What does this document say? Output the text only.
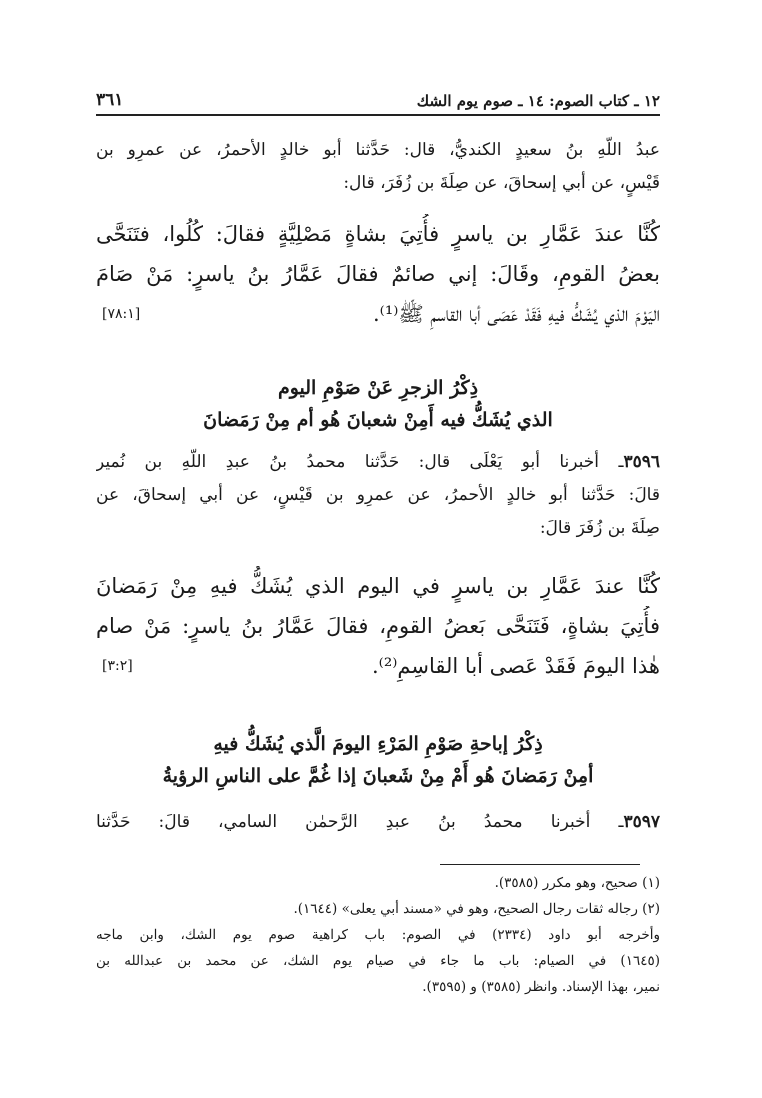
١٢ ـ كتاب الصوم: ١٤ ـ صوم يوم الشك
٣٦١
عبدُ اللّهِ بنُ سعيدٍ الكنديُّ، قال: حَدَّثنا أبو خالدٍ الأحمرُ، عن عمرِو بن
قَيْسٍ، عن أبي إسحاقَ، عن صِلَةَ بن زُفَرَ، قال:
كُنَّا عندَ عَمَّارِ بن ياسرٍ فأُتِيَ بشاةٍ مَصْلِيَّةٍ فقالَ: كُلُوا، فتَنَحَّى
بعضُ القومِ، وقَالَ: إني صائمٌ فقالَ عَمَّارُ بنُ ياسرٍ: مَنْ صَامَ
[٧٨:١]	اليَوْمَ الذي يُشَكُّ فيهِ فَقَدْ عَصَى أبا القاسمِ ﷺ⁽¹⁾.
ذِكْرُ الزجرِ عَنْ صَوْمِ اليوم
الذي يُشَكُّ فيه أَمِنْ شعبانَ هُو أم مِنْ رَمَضانَ
٣٥٩٦ـ أخبرنا أبو يَعْلَى قال: حَدَّثنا محمدُ بنُ عبدِ اللّهِ بن نُمير
قالَ: حَدَّثنا أبو خالدٍ الأحمرُ، عن عمرِو بن قَيْسٍ، عن أبي إسحاقَ، عن
صِلَةَ بن زُفَرَ قالَ:
كُنَّا عندَ عَمَّارِ بن ياسرٍ في اليوم الذي يُشَكُّ فيهِ مِنْ رَمَضانَ
فأُتِيَ بشاةٍ، فَتَنَحَّى بَعضُ القومِ، فقالَ عَمَّارُ بنُ ياسرٍ: مَنْ صام
[٣:٢]	هٰذا اليومَ فَقَدْ عَصى أبا القاسِمِ⁽²⁾.
ذِكْرُ إباحةِ صَوْمِ المَرْءِ اليومَ الَّذي يُشَكُّ فيهِ
أمِنْ رَمَضانَ هُو أَمْ مِنْ شَعبانَ إذا غُمَّ على الناسِ الرؤيةُ
٣٥٩٧ـ أخبرنا محمدُ بنُ عبدِ الرَّحمٰن السامي، قالَ: حَدَّثنا
(١) صحيح، وهو مكرر (٣٥٨٥).
(٢) رجاله ثقات رجال الصحيح، وهو في «مسند أبي يعلى» (١٦٤٤).
وأخرجه أبو داود (٢٣٣٤) في الصوم: باب كراهية صوم يوم الشك، وابن ماجه
(١٦٤٥) في الصيام: باب ما جاء في صيام يوم الشك، عن محمد بن عبدالله بن
نمير، بهذا الإسناد. وانظر (٣٥٨٥) و (٣٥٩٥).
